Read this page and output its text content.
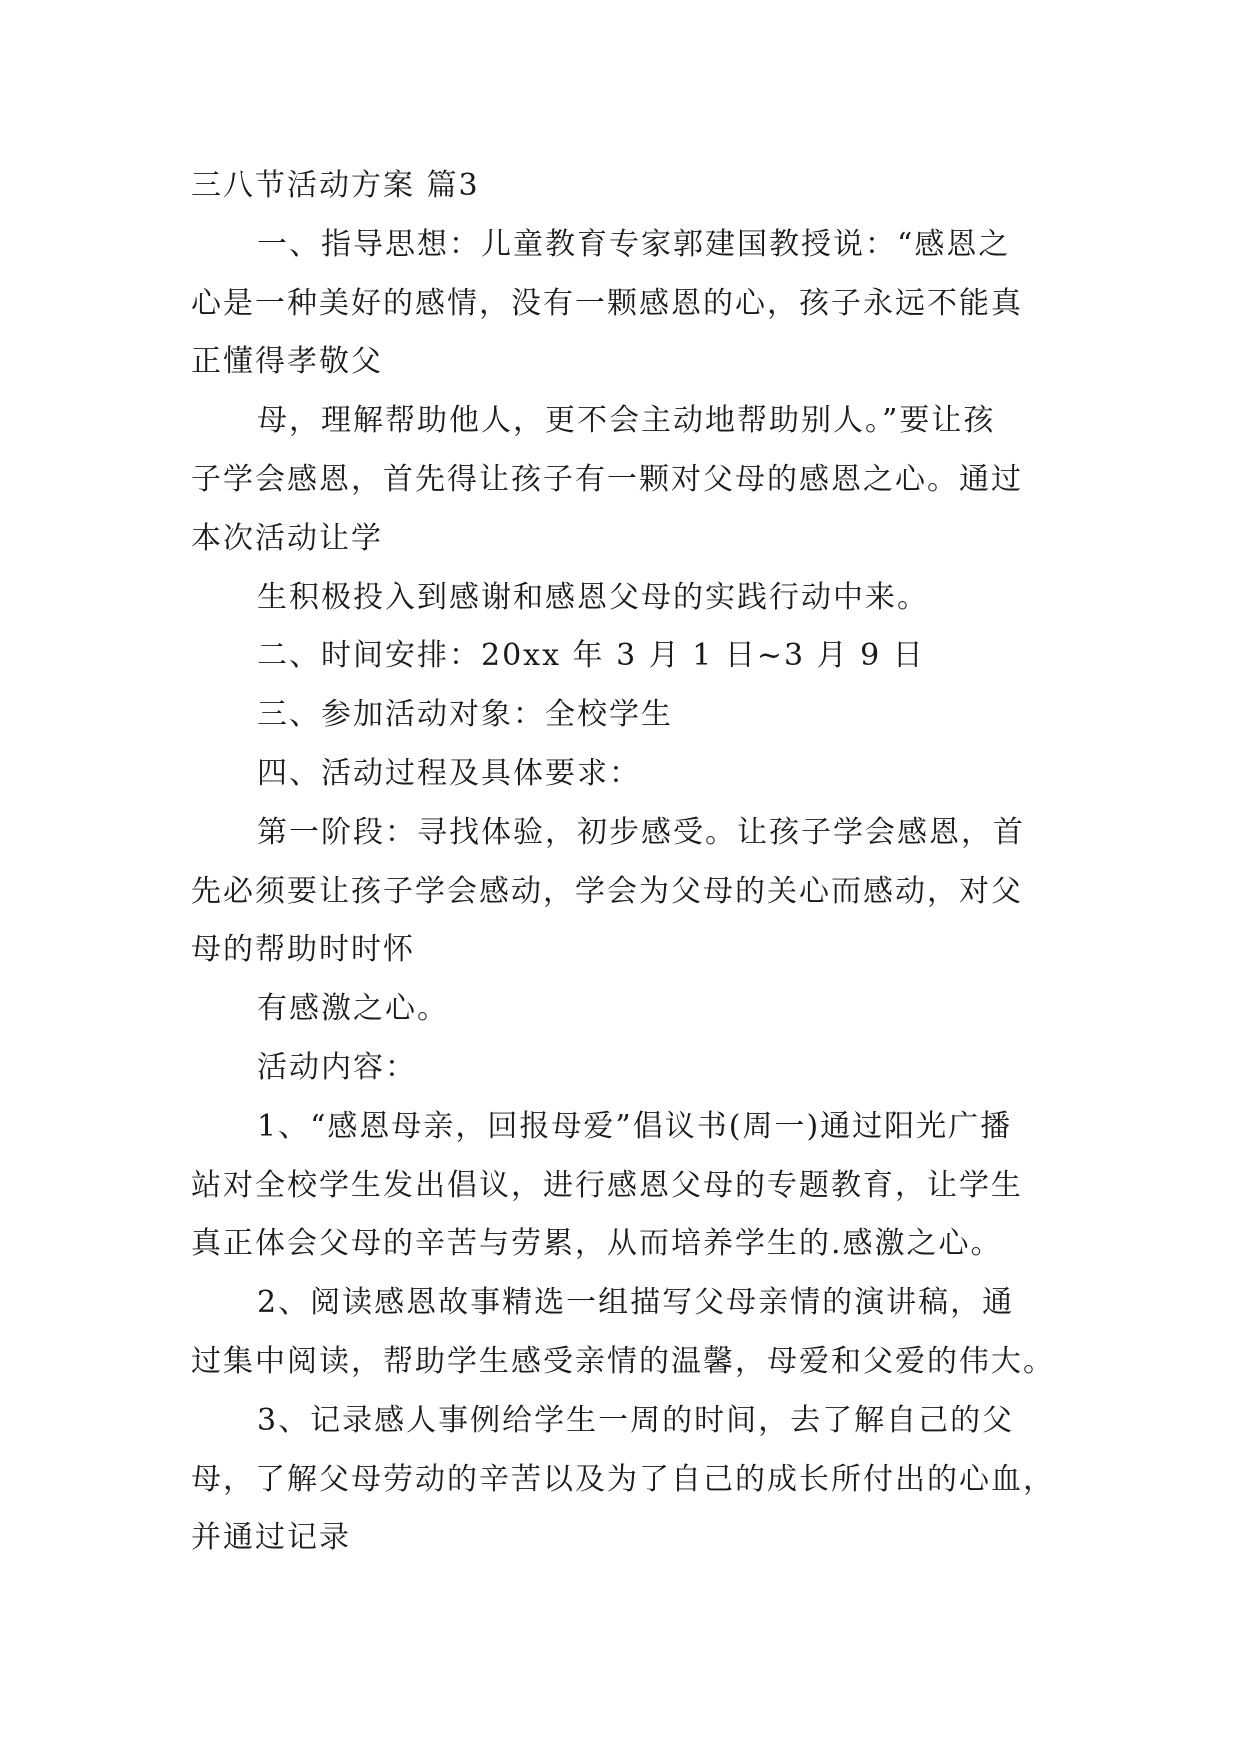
三八节活动方案 篇3
一、指导思想：儿童教育专家郭建国教授说：“感恩之
心是一种美好的感情，没有一颗感恩的心，孩子永远不能真
正懂得孝敬父
母，理解帮助他人，更不会主动地帮助别人。”要让孩
子学会感恩，首先得让孩子有一颗对父母的感恩之心。通过
本次活动让学
生积极投入到感谢和感恩父母的实践行动中来。
二、时间安排：20xx 年 3 月 1 日~3 月 9 日
三、参加活动对象：全校学生
四、活动过程及具体要求：
第一阶段：寻找体验，初步感受。让孩子学会感恩，首
先必须要让孩子学会感动，学会为父母的关心而感动，对父
母的帮助时时怀
有感激之心。
活动内容：
1、“感恩母亲，回报母爱”倡议书(周一)通过阳光广播
站对全校学生发出倡议，进行感恩父母的专题教育，让学生
真正体会父母的辛苦与劳累，从而培养学生的.感激之心。
2、阅读感恩故事精选一组描写父母亲情的演讲稿，通
过集中阅读，帮助学生感受亲情的温馨，母爱和父爱的伟大。
3、记录感人事例给学生一周的时间，去了解自己的父
母，了解父母劳动的辛苦以及为了自己的成长所付出的心血，
并通过记录
